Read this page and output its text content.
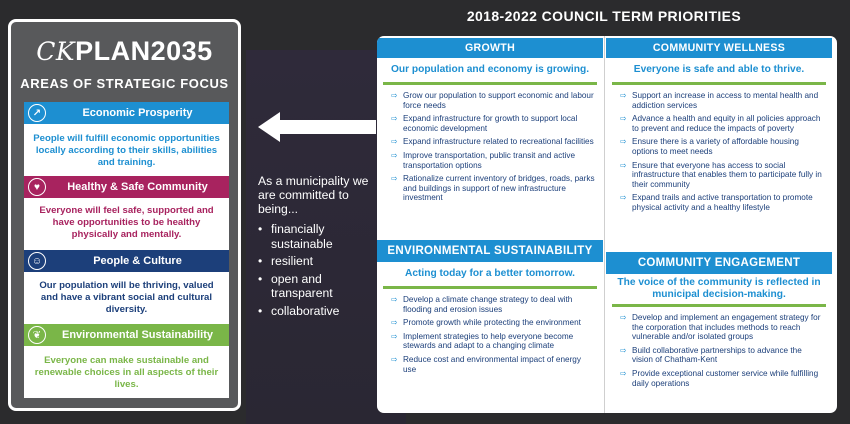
CKPLAN2035
AREAS OF STRATEGIC FOCUS
↗	Economic Prosperity
People will fulfill economic opportunities locally according to their skills, abilities and training.
♥	Healthy & Safe Community
Everyone will feel safe, supported and have opportunities to be healthy physically and mentally.
☺	People & Culture
Our population will be thriving, valued and have a vibrant social and cultural diversity.
❦	Environmental Sustainability
Everyone can make sustainable and renewable choices in all aspects of their lives.
As a municipality we are committed to being...
• financially sustainable
• resilient
• open and transparent
• collaborative
2018-2022 COUNCIL TERM PRIORITIES
GROWTH
Our population and economy is growing.
⇨ Grow our population to support economic and labour force needs
⇨ Expand infrastructure for growth to support local economic development
⇨ Expand infrastructure related to recreational facilities
⇨ Improve transportation, public transit and active transportation options
⇨ Rationalize current inventory of bridges, roads, parks and buildings in support of new infrastructure investment
COMMUNITY WELLNESS
Everyone is safe and able to thrive.
⇨ Support an increase in access to mental health and addiction services
⇨ Advance a health and equity in all policies approach to prevent and reduce the impacts of poverty
⇨ Ensure there is a variety of affordable housing options to meet needs
⇨ Ensure that everyone has access to social infrastructure that enables them to participate fully in their community
⇨ Expand trails and active transportation to promote physical activity and a healthy lifestyle
ENVIRONMENTAL SUSTAINABILITY
Acting today for a better tomorrow.
⇨ Develop a climate change strategy to deal with flooding and erosion issues
⇨ Promote growth while protecting the environment
⇨ Implement strategies to help everyone become stewards and adapt to a changing climate
⇨ Reduce cost and environmental impact of energy use
COMMUNITY ENGAGEMENT
The voice of the community is reflected in municipal decision-making.
⇨ Develop and implement an engagement strategy for the corporation that includes methods to reach vulnerable and/or isolated groups
⇨ Build collaborative partnerships to advance the vision of Chatham-Kent
⇨ Provide exceptional customer service while fulfilling daily operations
